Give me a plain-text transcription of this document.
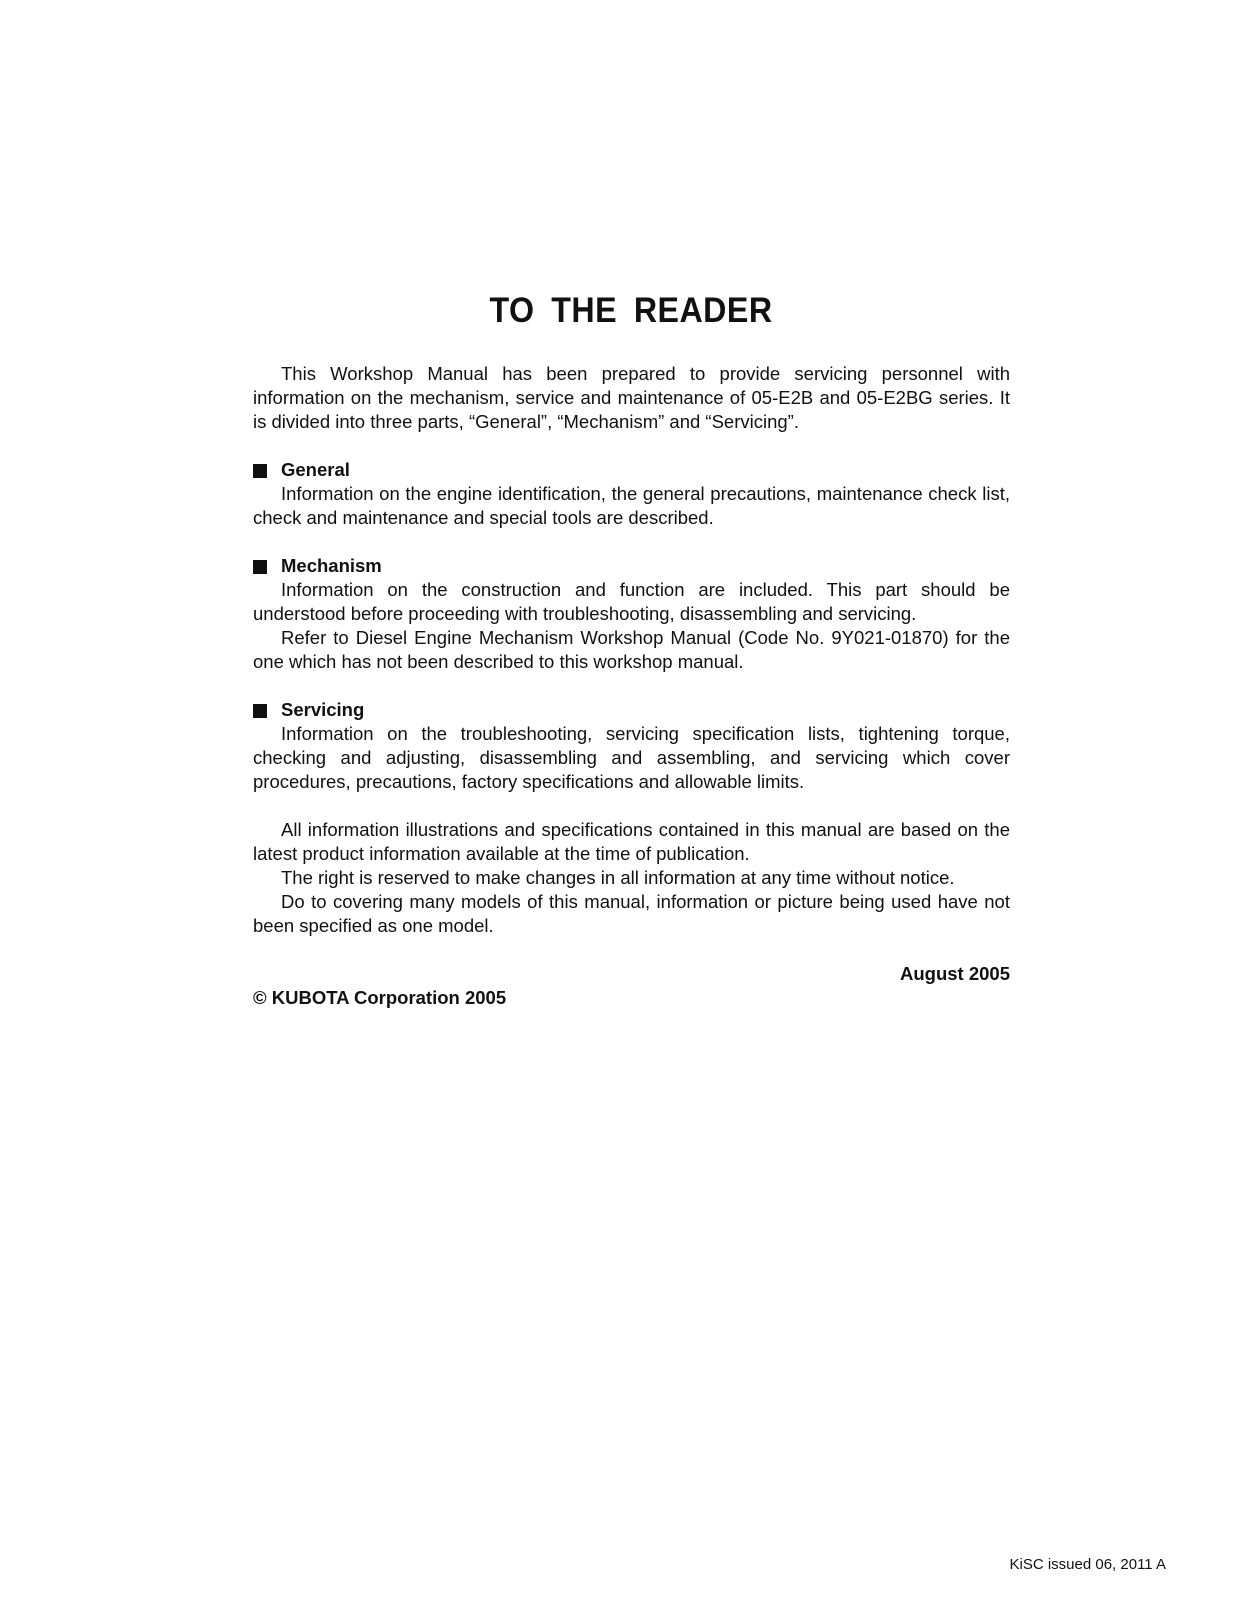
TO THE READER

This Workshop Manual has been prepared to provide servicing personnel with information on the mechanism, service and maintenance of 05-E2B and 05-E2BG series. It is divided into three parts, “General”, “Mechanism” and “Servicing”.

General

Information on the engine identification, the general precautions, maintenance check list, check and maintenance and special tools are described.

Mechanism

Information on the construction and function are included. This part should be understood before proceeding with troubleshooting, disassembling and servicing.

Refer to Diesel Engine Mechanism Workshop Manual (Code No. 9Y021-01870) for the one which has not been described to this workshop manual.

Servicing

Information on the troubleshooting, servicing specification lists, tightening torque, checking and adjusting, disassembling and assembling, and servicing which cover procedures, precautions, factory specifications and allowable limits.

All information illustrations and specifications contained in this manual are based on the latest product information available at the time of publication.

The right is reserved to make changes in all information at any time without notice.

Do to covering many models of this manual, information or picture being used have not been specified as one model.

August 2005
© KUBOTA Corporation 2005
KiSC issued 06, 2011 A
